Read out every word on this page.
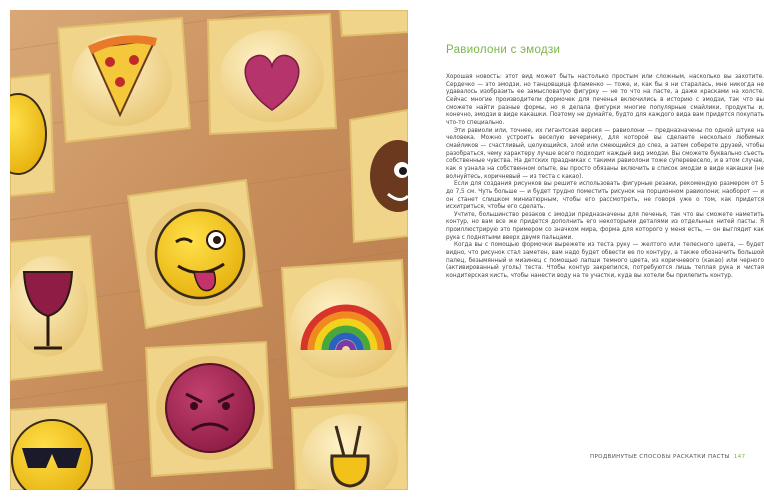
Равиолони с эмодзи

Хорошая новость: этот вид может быть настолько простым или сложным, насколько вы захотите. Сердечко — это эмодзи, но танцовщица фламенко — тоже, и, как бы я ни старалась, мне никогда не удавалось изобразить ее замысловатую фигурку — не то что на пасте, а даже красками на холсте. Сейчас многие производители формочек для печенья включились в историю с эмодзи, так что вы сможете найти разные формы, но я делала фигурки многие популярные смайлики, продукты и, конечно, эмодзи в виде какашки. Поэтому не думайте, будто для каждого вида вам придется покупать что-то специально.

Эти равиоли или, точнее, их гигантская версия — равиолони — предназначены по одной штуке на человека. Можно устроить веселую вечеринку, для которой вы сделаете несколько любимых смайликов — счастливый, целующийся, злой или смеющийся до слез, а затем соберете друзей, чтобы разобраться, чему характеру лучше всего подходит каждый вид эмодзи. Вы сможете буквально съесть собственные чувства. На детских праздниках с такими равиолони тоже суперевесело, и в этом случае, как я узнала на собственном опыте, вы просто обязаны включить в список эмодзи в виде какашки (не волнуйтесь, коричневый — из теста с какао).

Если для создания рисунков вы решите использовать фигурные резаки, рекомендую размером от 5 до 7,5 см. Чуть больше — и будет трудно поместить рисунок на порционном равиолони; наоборот — и он станет слишком миниатюрным, чтобы его рассмотреть, не говоря уже о том, как придется исхитриться, чтобы его сделать.

Учтите, большинство резаков с эмодзи предназначены для печенья, так что вы сможете наметить контур, но вам все же придется дополнить его некоторыми деталями из отдельных нитей пасты. Я проиллюстрирую это примером со значком мира, форма для которого у меня есть, — он выглядит как рука с поднятыми вверх двумя пальцами.

Когда вы с помощью формочки вырежете из теста руку — желтого или телесного цвета, — будет видно, что рисунок стал заметен, вам надо будет обвести ее по контуру, а также обозначить большой палец, безымянный и мизинец с помощью лапши темного цвета, из коричневого (какао) или черного (активированный уголь) теста. Чтобы контур закрепился, потребуются лишь теплая рука и чистая кондитерская кисть, чтобы нанести воду на те участки, куда вы хотели бы прилепить контур.

ПРОДВИНУТЫЕ СПОСОБЫ РАСКАТКИ ПАСТЫ 147
